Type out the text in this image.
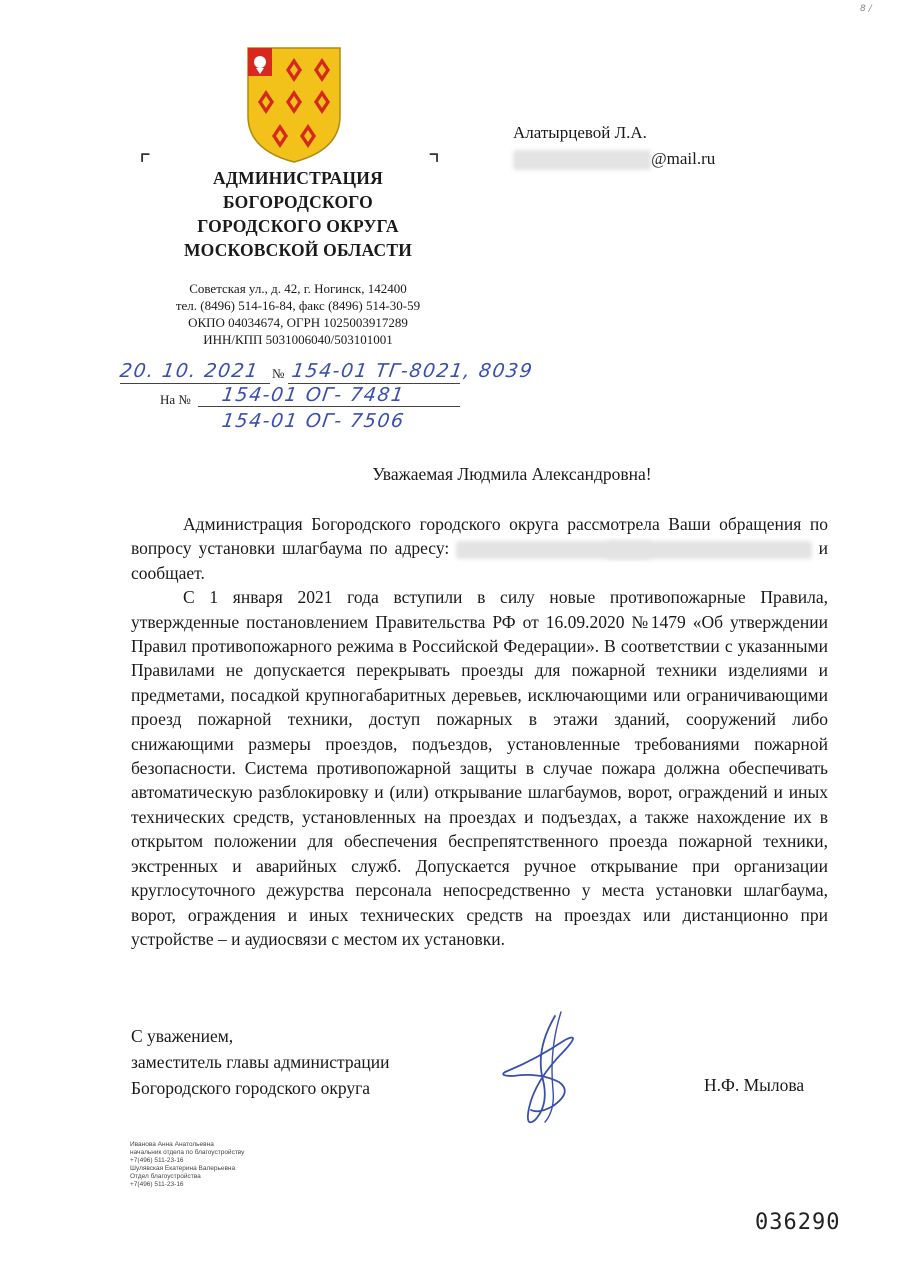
8 /
⌜	⌝
АДМИНИСТРАЦИЯ
БОГОРОДСКОГО
ГОРОДСКОГО ОКРУГА
МОСКОВСКОЙ ОБЛАСТИ
Советская ул., д. 42, г. Ногинск, 142400
тел. (8496) 514-16-84, факс (8496) 514-30-59
ОКПО 04034674, ОГРН 1025003917289
ИНН/КПП 5031006040/503101001
20. 10. 2021 № 154-01 ТГ-8021, 8039
На № 154-01 ОГ- 7481
154-01 ОГ- 7506
Алатырцевой Л.А.
@mail.ru
Уважаемая Людмила Александровна!

Администрация Богородского городского округа рассмотрела Ваши обращения по вопросу установки шлагбаума по адресу:	и сообщает.

С 1 января 2021 года вступили в силу новые противопожарные Правила, утвержденные постановлением Правительства РФ от 16.09.2020 №1479 «Об утверждении Правил противопожарного режима в Российской Федерации». В соответствии с указанными Правилами не допускается перекрывать проезды для пожарной техники изделиями и предметами, посадкой крупногабаритных деревьев, исключающими или ограничивающими проезд пожарной техники, доступ пожарных в этажи зданий, сооружений либо снижающими размеры проездов, подъездов, установленные требованиями пожарной безопасности. Система противопожарной защиты в случае пожара должна обеспечивать автоматическую разблокировку и (или) открывание шлагбаумов, ворот, ограждений и иных технических средств, установленных на проездах и подъездах, а также нахождение их в открытом положении для обеспечения беспрепятственного проезда пожарной техники, экстренных и аварийных служб. Допускается ручное открывание при организации круглосуточного дежурства персонала непосредственно у места установки шлагбаума, ворот, ограждения и иных технических средств на проездах или дистанционно при устройстве – и аудиосвязи с местом их установки.

С уважением,
заместитель главы администрации
Богородского городского округа	Н.Ф. Мылова
Иванова Анна Анатольевна
начальник отдела по благоустройству
+7(496) 511-23-16
Шулявская Екатерина Валерьевна
Отдел благоустройства
+7(496) 511-23-16
036290
